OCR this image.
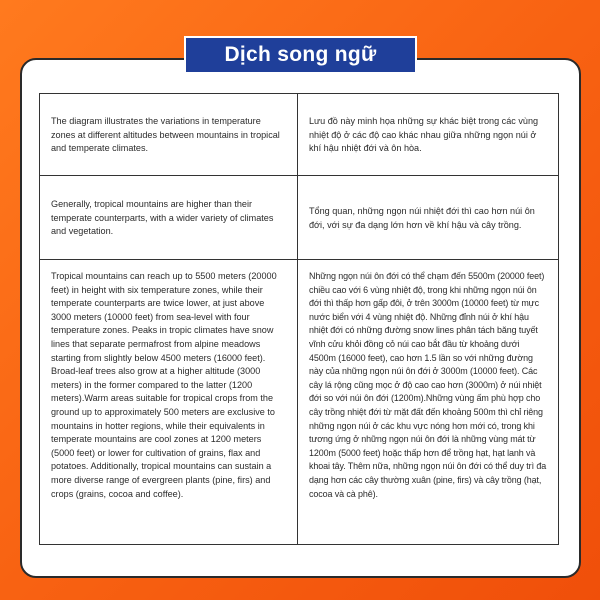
Dịch song ngữ
The diagram illustrates the variations in temperature zones at different altitudes between mountains in tropical and temperate climates.
Lưu đồ này minh họa những sự khác biệt trong các vùng nhiệt độ ở các độ cao khác nhau giữa những ngọn núi ở khí hậu nhiệt đới và ôn hòa.
Generally, tropical mountains are higher than their temperate counterparts, with a wider variety of climates and vegetation.
Tổng quan, những ngọn núi nhiệt đới thì cao hơn núi ôn đới, với sự đa dạng lớn hơn về khí hậu và cây trồng.
Tropical mountains can reach up to 5500 meters (20000 feet) in height with six temperature zones, while their temperate counterparts are twice lower, at just above 3000 meters (10000 feet) from sea-level with four temperature zones. Peaks in tropic climates have snow lines that separate permafrost from alpine meadows starting from slightly below 4500 meters (16000 feet). Broad-leaf trees also grow at a higher altitude (3000 meters) in the former compared to the latter (1200 meters).Warm areas suitable for tropical crops from the ground up to approximately 500 meters are exclusive to mountains in hotter regions, while their equivalents in temperate mountains are cool zones at 1200 meters (5000 feet) or lower for cultivation of grains, flax and potatoes. Additionally, tropical mountains can sustain a more diverse range of evergreen plants (pine, firs) and crops (grains, cocoa and coffee).
Những ngọn núi ôn đới có thể chạm đến 5500m (20000 feet) chiều cao với 6 vùng nhiệt độ, trong khi những ngọn núi ôn đới thì thấp hơn gấp đôi, ở trên 3000m (10000 feet) từ mực nước biển với 4 vùng nhiệt độ. Những đỉnh núi ở khí hậu nhiệt đới có những đường snow lines phân tách băng tuyết vĩnh cửu khỏi đồng cỏ núi cao bắt đầu từ khoảng dưới 4500m (16000 feet), cao hơn 1.5 lần so với những đường này của những ngọn núi ôn đới ở 3000m (10000 feet). Các cây lá rộng cũng mọc ở độ cao cao hơn (3000m) ở núi nhiệt đới so với núi ôn đới (1200m).Những vùng ấm phù hợp cho cây trồng nhiệt đới từ mặt đất đến khoảng 500m thì chỉ riêng những ngọn núi ở các khu vực nóng hơn mới có, trong khi tương ứng ở những ngọn núi ôn đới là những vùng mát từ 1200m (5000 feet) hoặc thấp hơn để trồng hạt, hạt lanh và khoai tây. Thêm nữa, những ngọn núi ôn đới có thể duy trì đa dạng hơn các cây thường xuân (pine, firs) và cây trồng (hạt, cocoa và cà phê).
